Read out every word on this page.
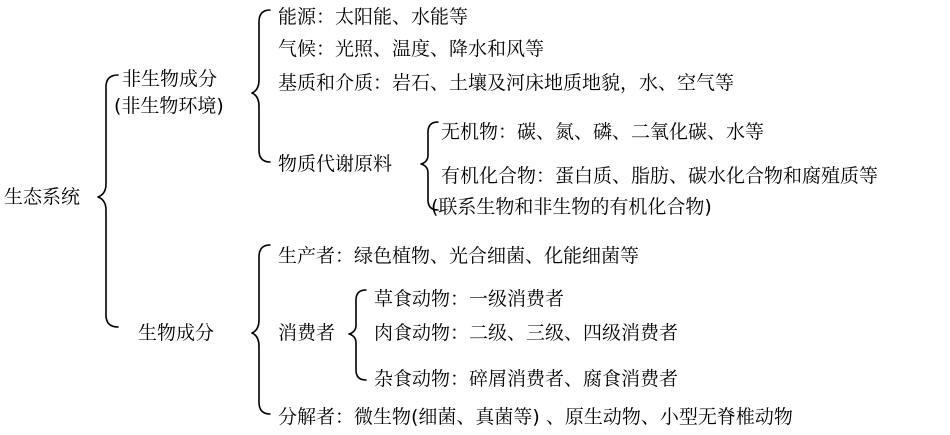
生态系统
非生物成分
(非生物环境)
能源：太阳能、水能等
气候：光照、温度、降水和风等
基质和介质：岩石、土壤及河床地质地貌，水、空气等
物质代谢原料
无机物：碳、氮、磷、二氧化碳、水等
有机化合物：蛋白质、脂肪、碳水化合物和腐殖质等
(联系生物和非生物的有机化合物)
生物成分
生产者：绿色植物、光合细菌、化能细菌等
消费者
草食动物：一级消费者
肉食动物：二级、三级、四级消费者
杂食动物：碎屑消费者、腐食消费者
分解者：微生物(细菌、真菌等) 、原生动物、小型无脊椎动物
